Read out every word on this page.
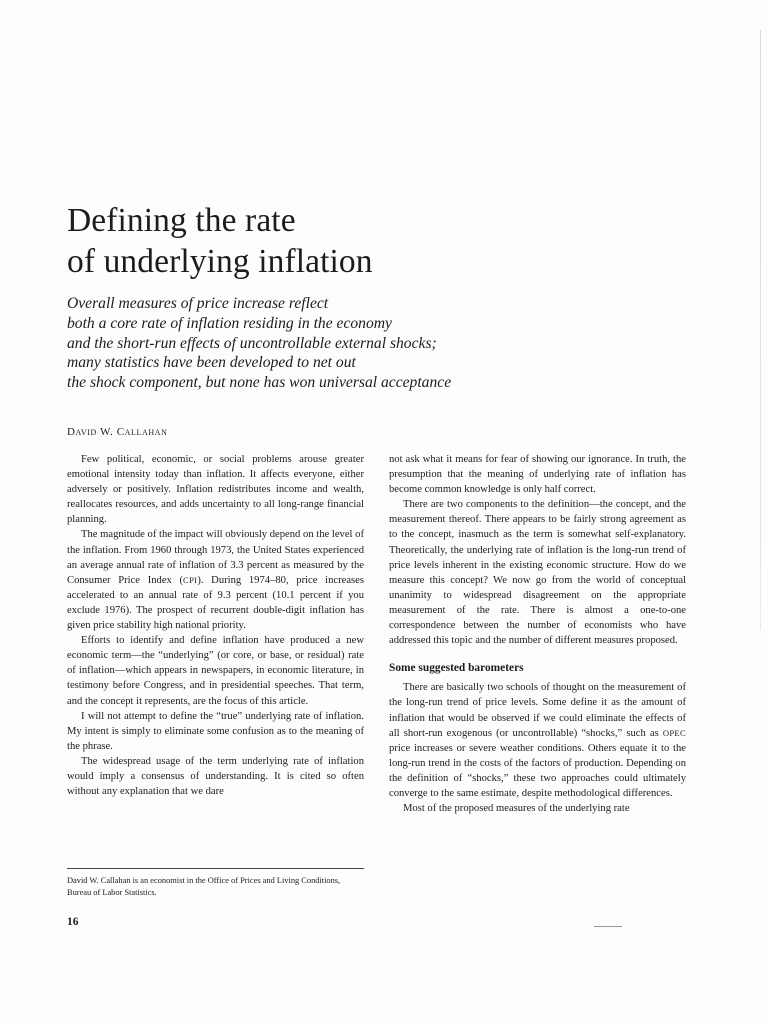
Defining the rate
of underlying inflation
Overall measures of price increase reflect
both a core rate of inflation residing in the economy
and the short-run effects of uncontrollable external shocks;
many statistics have been developed to net out
the shock component, but none has won universal acceptance
David W. Callahan

Few political, economic, or social problems arouse greater emotional intensity today than inflation. It affects everyone, either adversely or positively. Inflation redistributes income and wealth, reallocates resources, and adds uncertainty to all long-range financial planning.

The magnitude of the impact will obviously depend on the level of the inflation. From 1960 through 1973, the United States experienced an average annual rate of inflation of 3.3 percent as measured by the Consumer Price Index (CPI). During 1974–80, price increases accelerated to an annual rate of 9.3 percent (10.1 percent if you exclude 1976). The prospect of recurrent double-digit inflation has given price stability high national priority.

Efforts to identify and define inflation have produced a new economic term—the “underlying” (or core, or base, or residual) rate of inflation—which appears in newspapers, in economic literature, in testimony before Congress, and in presidential speeches. That term, and the concept it represents, are the focus of this article.

I will not attempt to define the “true” underlying rate of inflation. My intent is simply to eliminate some confusion as to the meaning of the phrase.

The widespread usage of the term underlying rate of inflation would imply a consensus of understanding. It is cited so often without any explanation that we dare

David W. Callahan is an economist in the Office of Prices and Living Conditions, Bureau of Labor Statistics.

not ask what it means for fear of showing our ignorance. In truth, the presumption that the meaning of underlying rate of inflation has become common knowledge is only half correct.

There are two components to the definition—the concept, and the measurement thereof. There appears to be fairly strong agreement as to the concept, inasmuch as the term is somewhat self-explanatory. Theoretically, the underlying rate of inflation is the long-run trend of price levels inherent in the existing economic structure. How do we measure this concept? We now go from the world of conceptual unanimity to widespread disagreement on the appropriate measurement of the rate. There is almost a one-to-one correspondence between the number of economists who have addressed this topic and the number of different measures proposed.

Some suggested barometers

There are basically two schools of thought on the measurement of the long-run trend of price levels. Some define it as the amount of inflation that would be observed if we could eliminate the effects of all short-run exogenous (or uncontrollable) “shocks,” such as OPEC price increases or severe weather conditions. Others equate it to the long-run trend in the costs of the factors of production. Depending on the definition of “shocks,” these two approaches could ultimately converge to the same estimate, despite methodological differences.

Most of the proposed measures of the underlying rate

16
